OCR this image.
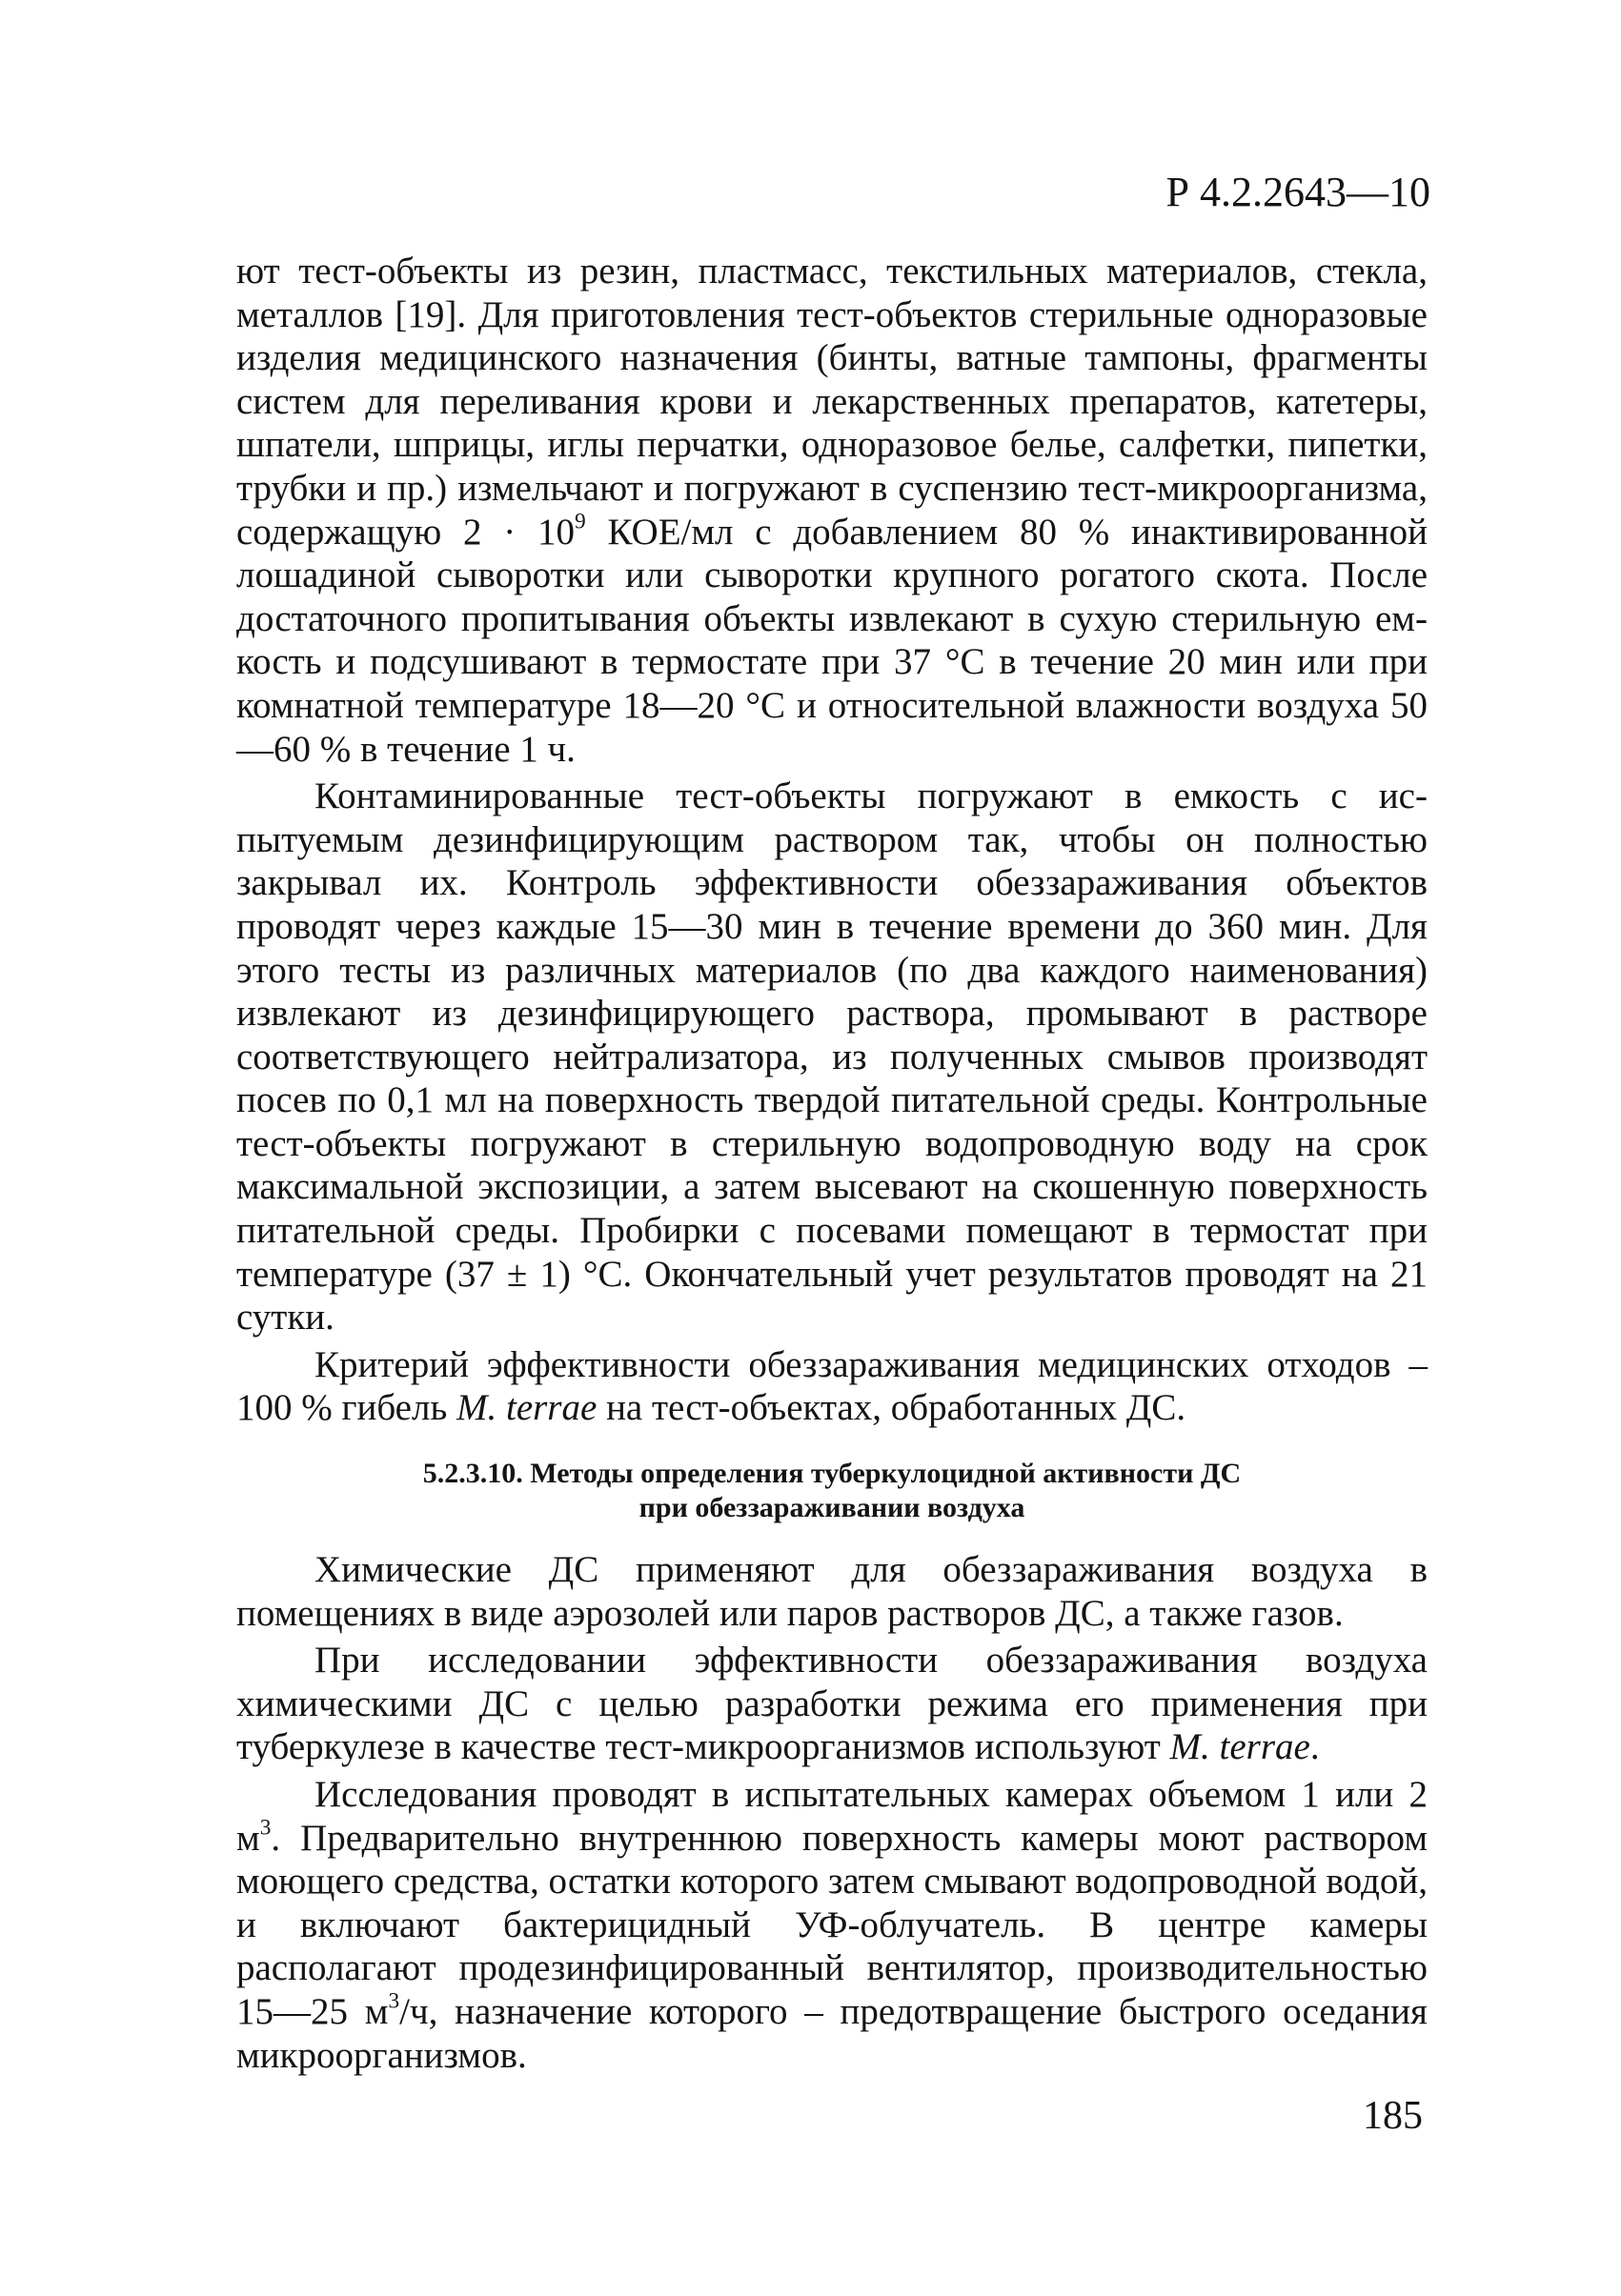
Р 4.2.2643—10

ют тест-объекты из резин, пластмасс, текстильных материалов, стекла, металлов [19]. Для приготовления тест-объектов стерильные одноразовые изделия медицинского назначения (бинты, ватные тампоны, фрагменты систем для переливания крови и лекарственных препаратов, катетеры, шпатели, шприцы, иглы перчатки, одноразовое белье, салфетки, пипетки, трубки и пр.) измельчают и погружают в суспензию тест-микроорганизма, содержащую $2 \cdot 10^9$ КОЕ/мл с добавлением 80 % инактивированной лошадиной сыворотки или сыворотки крупного рогатого скота. После достаточного пропитывания объекты извлекают в сухую стерильную емкость и подсушивают в термостате при 37 °С в течение 20 мин или при комнатной температуре 18—20 °С и относительной влажности воздуха 50—60 % в течение 1 ч.

Контаминированные тест-объекты погружают в емкость с испытуемым дезинфицирующим раствором так, чтобы он полностью закрывал их. Контроль эффективности обеззараживания объектов проводят через каждые 15—30 мин в течение времени до 360 мин. Для этого тесты из различных материалов (по два каждого наименования) извлекают из дезинфицирующего раствора, промывают в растворе соответствующего нейтрализатора, из полученных смывов производят посев по 0,1 мл на поверхность твердой питательной среды. Контрольные тест-объекты погружают в стерильную водопроводную воду на срок максимальной экспозиции, а затем высевают на скошенную поверхность питательной среды. Пробирки с посевами помещают в термостат при температуре (37 ± 1) °С. Окончательный учет результатов проводят на 21 сутки.

Критерий эффективности обеззараживания медицинских отходов – 100 % гибель M. terrae на тест-объектах, обработанных ДС.

5.2.3.10. Методы определения туберкулоцидной активности ДС
при обеззараживании воздуха

Химические ДС применяют для обеззараживания воздуха в помещениях в виде аэрозолей или паров растворов ДС, а также газов.

При исследовании эффективности обеззараживания воздуха химическими ДС с целью разработки режима его применения при туберкулезе в качестве тест-микроорганизмов используют M. terrae.

Исследования проводят в испытательных камерах объемом 1 или 2 $м^3$. Предварительно внутреннюю поверхность камеры моют раствором моющего средства, остатки которого затем смывают водопроводной водой, и включают бактерицидный УФ-облучатель. В центре камеры располагают продезинфицированный вентилятор, производительностью 15—25 $м^3/ч$, назначение которого – предотвращение быстрого оседания микроорганизмов.

185
